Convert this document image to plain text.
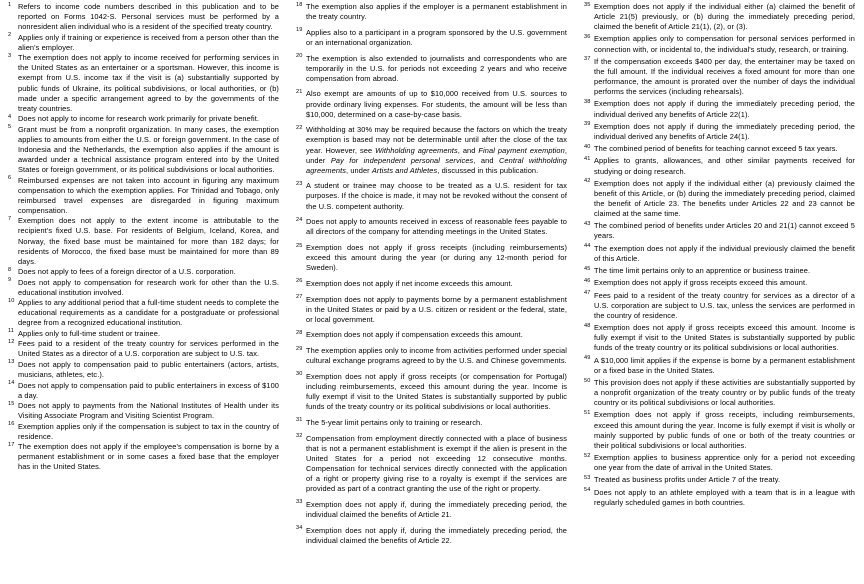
1 Refers to income code numbers described in this publication and to be reported on Forms 1042-S. Personal services must be performed by a nonresident alien individual who is a resident of the specified treaty country.
2 Applies only if training or experience is received from a person other than the alien's employer.
3 The exemption does not apply to income received for performing services in the United States as an entertainer or a sportsman. However, this income is exempt from U.S. income tax if the visit is (a) substantially supported by public funds of Ukraine, its political subdivisions, or local authorities, or (b) made under a specific arrangement agreed to by the governments of the treaty countries.
4 Does not apply to income for research work primarily for private benefit.
5 Grant must be from a nonprofit organization. In many cases, the exemption applies to amounts from either the U.S. or foreign government. In the case of Indonesia and the Netherlands, the exemption also applies if the amount is awarded under a technical assistance program entered into by the United States or foreign government, or its political subdivisions or local authorities.
6 Reimbursed expenses are not taken into account in figuring any maximum compensation to which the exemption applies. For Trinidad and Tobago, only reimbursed travel expenses are disregarded in figuring maximum compensation.
7 Exemption does not apply to the extent income is attributable to the recipient's fixed U.S. base. For residents of Belgium, Iceland, Korea, and Norway, the fixed base must be maintained for more than 182 days; for residents of Morocco, the fixed base must be maintained for more than 89 days.
8 Does not apply to fees of a foreign director of a U.S. corporation.
9 Does not apply to compensation for research work for other than the U.S. educational institution involved.
10 Applies to any additional period that a full-time student needs to complete the educational requirements as a candidate for a postgraduate or professional degree from a recognized educational institution.
11 Applies only to full-time student or trainee.
12 Fees paid to a resident of the treaty country for services performed in the United States as a director of a U.S. corporation are subject to U.S. tax.
13 Does not apply to compensation paid to public entertainers (actors, artists, musicians, athletes, etc.).
14 Does not apply to compensation paid to public entertainers in excess of $100 a day.
15 Does not apply to payments from the National Institutes of Health under its Visiting Associate Program and Visiting Scientist Program.
16 Exemption applies only if the compensation is subject to tax in the country of residence.
17 The exemption does not apply if the employee's compensation is borne by a permanent establishment or in some cases a fixed base that the employer has in the United States.
18 The exemption also applies if the employer is a permanent establishment in the treaty country.
19 Applies also to a participant in a program sponsored by the U.S. government or an international organization.
20 The exemption is also extended to journalists and correspondents who are temporarily in the U.S. for periods not exceeding 2 years and who receive compensation from abroad.
21 Also exempt are amounts of up to $10,000 received from U.S. sources to provide ordinary living expenses. For students, the amount will be less than $10,000, determined on a case-by-case basis.
22 Withholding at 30% may be required because the factors on which the treaty exemption is based may not be determinable until after the close of the tax year. However, see Withholding agreements, and Final payment exemption, under Pay for independent personal services, and Central withholding agreements, under Artists and Athletes, discussed in this publication.
23 A student or trainee may choose to be treated as a U.S. resident for tax purposes. If the choice is made, it may not be revoked without the consent of the U.S. competent authority.
24 Does not apply to amounts received in excess of reasonable fees payable to all directors of the company for attending meetings in the United States.
25 Exemption does not apply if gross receipts (including reimbursements) exceed this amount during the year (or during any 12-month period for Sweden).
26 Exemption does not apply if net income exceeds this amount.
27 Exemption does not apply to payments borne by a permanent establishment in the United States or paid by a U.S. citizen or resident or the federal, state, or local government.
28 Exemption does not apply if compensation exceeds this amount.
29 The exemption applies only to income from activities performed under special cultural exchange programs agreed to by the U.S. and Chinese governments.
30 Exemption does not apply if gross receipts (or compensation for Portugal) including reimbursements, exceed this amount during the year. Income is fully exempt if visit to the United States is substantially supported by public funds of the treaty country or its political subdivisions or local authorities.
31 The 5-year limit pertains only to training or research.
32 Compensation from employment directly connected with a place of business that is not a permanent establishment is exempt if the alien is present in the United States for a period not exceeding 12 consecutive months. Compensation for technical services directly connected with the application of a right or property giving rise to a royalty is exempt if the services are provided as part of a contract granting the use of the right or property.
33 Exemption does not apply if, during the immediately preceding period, the individual claimed the benefits of Article 21.
34 Exemption does not apply if, during the immediately preceding period, the individual claimed the benefits of Article 22.
35 Exemption does not apply if the individual either (a) claimed the benefit of Article 21(5) previously, or (b) during the immediately preceding period, claimed the benefit of Article 21(1), (2), or (3).
36 Exemption applies only to compensation for personal services performed in connection with, or incidental to, the individual's study, research, or training.
37 If the compensation exceeds $400 per day, the entertainer may be taxed on the full amount. If the individual receives a fixed amount for more than one performance, the amount is prorated over the number of days the individual performs the services (including rehearsals).
38 Exemption does not apply if during the immediately preceding period, the individual derived any benefits of Article 22(1).
39 Exemption does not apply if during the immediately preceding period, the individual derived any benefits of Article 24(1).
40 The combined period of benefits for teaching cannot exceed 5 tax years.
41 Applies to grants, allowances, and other similar payments received for studying or doing research.
42 Exemption does not apply if the individual either (a) previously claimed the benefit of this Article, or (b) during the immediately preceding period, claimed the benefit of Article 23. The benefits under Articles 22 and 23 cannot be claimed at the same time.
43 The combined period of benefits under Articles 20 and 21(1) cannot exceed 5 years.
44 The exemption does not apply if the individual previously claimed the benefit of this Article.
45 The time limit pertains only to an apprentice or business trainee.
46 Exemption does not apply if gross receipts exceed this amount.
47 Fees paid to a resident of the treaty country for services as a director of a U.S. corporation are subject to U.S. tax, unless the services are performed in the country of residence.
48 Exemption does not apply if gross receipts exceed this amount. Income is fully exempt if visit to the United States is substantially supported by public funds of the treaty country or its political subdivisions or local authorities.
49 A $10,000 limit applies if the expense is borne by a permanent establishment or a fixed base in the United States.
50 This provision does not apply if these activities are substantially supported by a nonprofit organization of the treaty country or by public funds of the treaty country or its political subdivisions or local authorities.
51 Exemption does not apply if gross receipts, including reimbursements, exceed this amount during the year. Income is fully exempt if visit is wholly or mainly supported by public funds of one or both of the treaty countries or their political subdivisions or local authorities.
52 Exemption applies to business apprentice only for a period not exceeding one year from the date of arrival in the United States.
53 Treated as business profits under Article 7 of the treaty.
54 Does not apply to an athlete employed with a team that is in a league with regularly scheduled games in both countries.
